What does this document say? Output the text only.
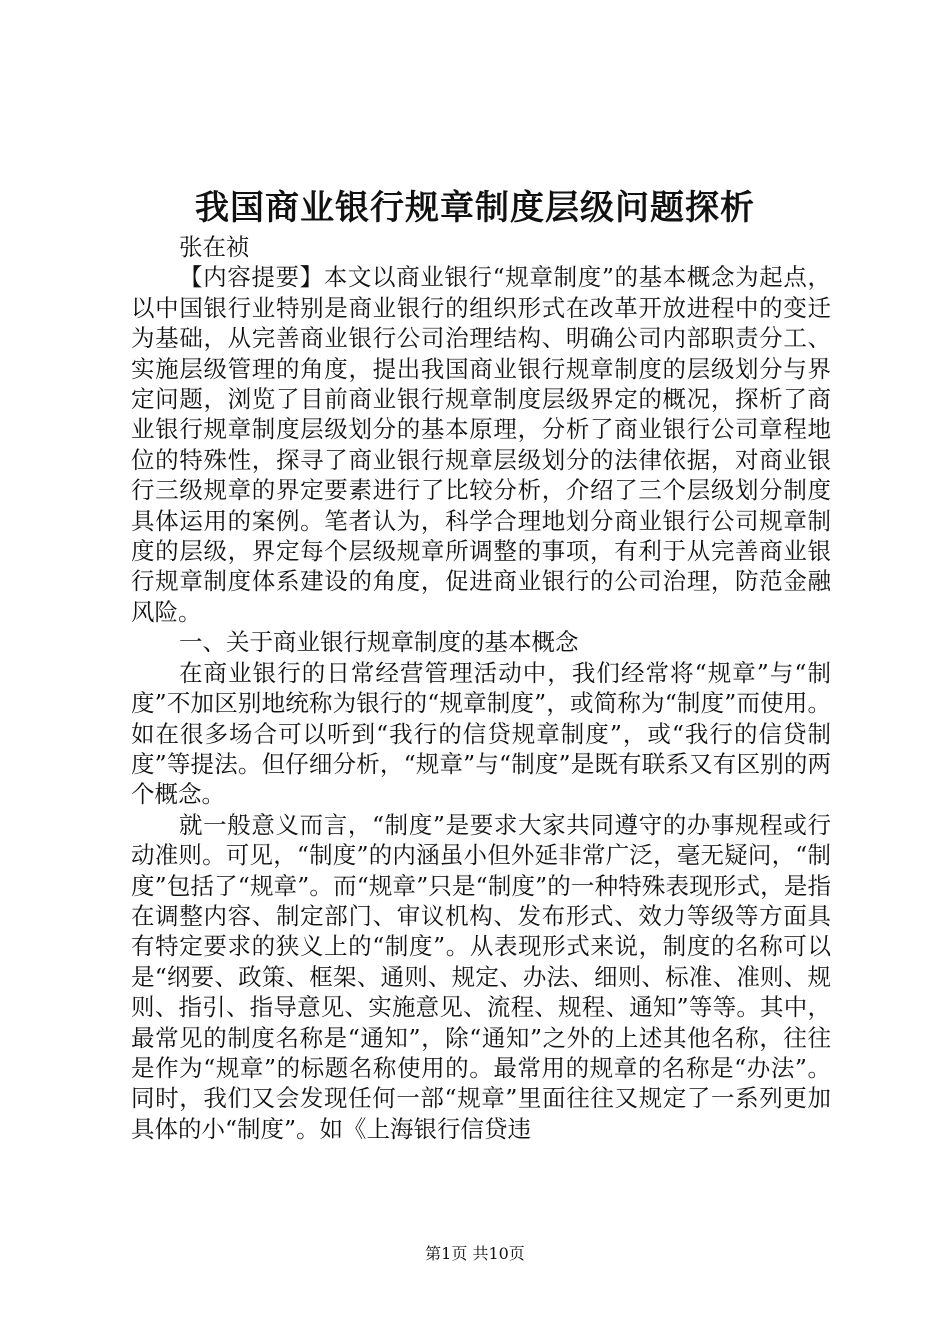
我国商业银行规章制度层级问题探析

张在祯

【内容提要】本文以商业银行“规章制度”的基本概念为起点，以中国银行业特别是商业银行的组织形式在改革开放进程中的变迁为基础，从完善商业银行公司治理结构、明确公司内部职责分工、实施层级管理的角度，提出我国商业银行规章制度的层级划分与界定问题，浏览了目前商业银行规章制度层级界定的概况，探析了商业银行规章制度层级划分的基本原理，分析了商业银行公司章程地位的特殊性，探寻了商业银行规章层级划分的法律依据，对商业银行三级规章的界定要素进行了比较分析，介绍了三个层级划分制度具体运用的案例。笔者认为，科学合理地划分商业银行公司规章制度的层级，界定每个层级规章所调整的事项，有利于从完善商业银行规章制度体系建设的角度，促进商业银行的公司治理，防范金融风险。

一、关于商业银行规章制度的基本概念

在商业银行的日常经营管理活动中，我们经常将“规章”与“制度”不加区别地统称为银行的“规章制度”，或简称为“制度”而使用。如在很多场合可以听到“我行的信贷规章制度”，或“我行的信贷制度”等提法。但仔细分析，“规章”与“制度”是既有联系又有区别的两个概念。

就一般意义而言，“制度”是要求大家共同遵守的办事规程或行动准则。可见，“制度”的内涵虽小但外延非常广泛，毫无疑问，“制度”包括了“规章”。而“规章”只是“制度”的一种特殊表现形式，是指在调整内容、制定部门、审议机构、发布形式、效力等级等方面具有特定要求的狭义上的“制度”。从表现形式来说，制度的名称可以是“纲要、政策、框架、通则、规定、办法、细则、标准、准则、规则、指引、指导意见、实施意见、流程、规程、通知”等等。其中，最常见的制度名称是“通知”，除“通知”之外的上述其他名称，往往是作为“规章”的标题名称使用的。最常用的规章的名称是“办法”。同时，我们又会发现任何一部“规章”里面往往又规定了一系列更加具体的小“制度”。如《上海银行信贷违

第1页 共10页
